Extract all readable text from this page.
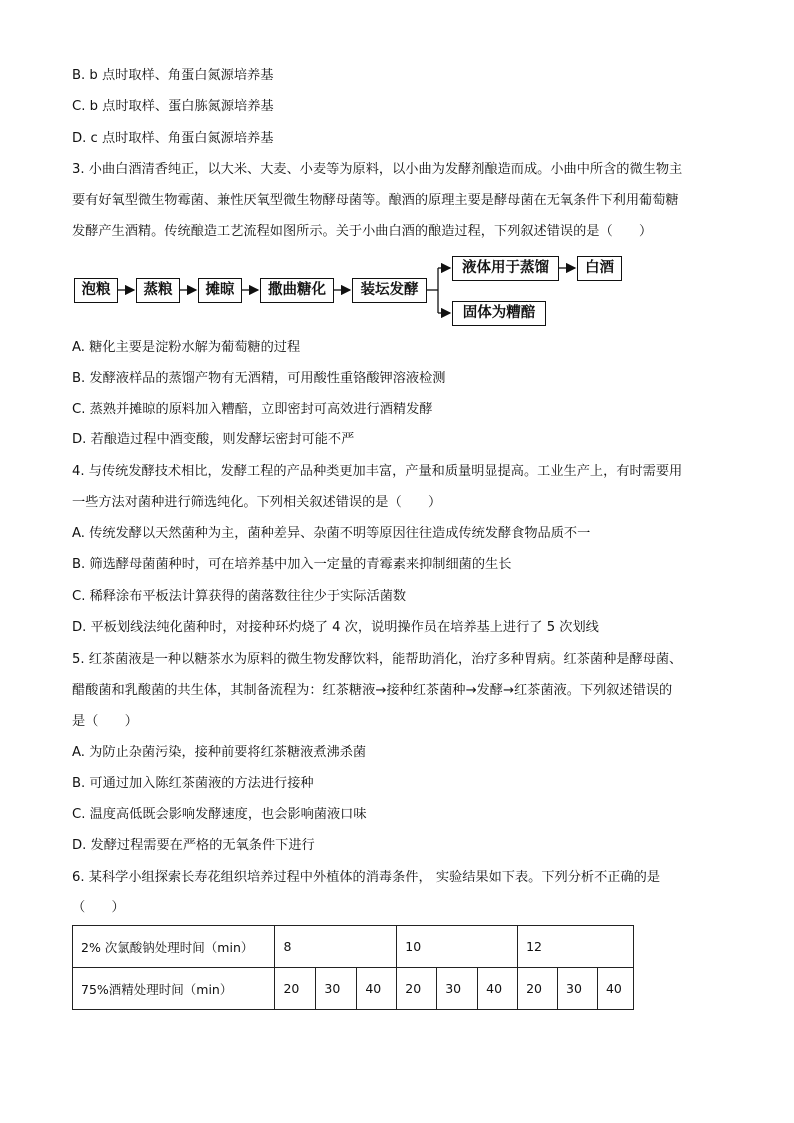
B. b 点时取样、角蛋白氮源培养基
C. b 点时取样、蛋白胨氮源培养基
D. c 点时取样、角蛋白氮源培养基
3. 小曲白酒清香纯正，以大米、大麦、小麦等为原料，以小曲为发酵剂酿造而成。小曲中所含的微生物主
要有好氧型微生物霉菌、兼性厌氧型微生物酵母菌等。酿酒的原理主要是酵母菌在无氧条件下利用葡萄糖
发酵产生酒精。传统酿造工艺流程如图所示。关于小曲白酒的酿造过程，下列叙述错误的是（　　）
泡粮	蒸粮	摊晾	撒曲糖化	装坛发酵
液体用于蒸馏	白酒
固体为糟醅
A. 糖化主要是淀粉水解为葡萄糖的过程
B. 发酵液样品的蒸馏产物有无酒精，可用酸性重铬酸钾溶液检测
C. 蒸熟并摊晾的原料加入糟醅，立即密封可高效进行酒精发酵
D. 若酿造过程中酒变酸，则发酵坛密封可能不严
4. 与传统发酵技术相比，发酵工程的产品种类更加丰富，产量和质量明显提高。工业生产上，有时需要用
一些方法对菌种进行筛选纯化。下列相关叙述错误的是（　　）
A. 传统发酵以天然菌种为主，菌种差异、杂菌不明等原因往往造成传统发酵食物品质不一
B. 筛选酵母菌菌种时，可在培养基中加入一定量的青霉素来抑制细菌的生长
C. 稀释涂布平板法计算获得的菌落数往往少于实际活菌数
D. 平板划线法纯化菌种时，对接种环灼烧了 4 次，说明操作员在培养基上进行了 5 次划线
5. 红茶菌液是一种以糖茶水为原料的微生物发酵饮料，能帮助消化，治疗多种胃病。红茶菌种是酵母菌、
醋酸菌和乳酸菌的共生体，其制备流程为：红茶糖液→接种红茶菌种→发酵→红茶菌液。下列叙述错误的
是（　　）
A. 为防止杂菌污染，接种前要将红茶糖液煮沸杀菌
B. 可通过加入陈红茶菌液的方法进行接种
C. 温度高低既会影响发酵速度，也会影响菌液口味
D. 发酵过程需要在严格的无氧条件下进行
6. 某科学小组探索长寿花组织培养过程中外植体的消毒条件， 实验结果如下表。下列分析不正确的是
（　　）
2% 次氯酸钠处理时间（min）	8			10			12		
75%酒精处理时间（min）	20	30	40	20	30	40	20	30	40
